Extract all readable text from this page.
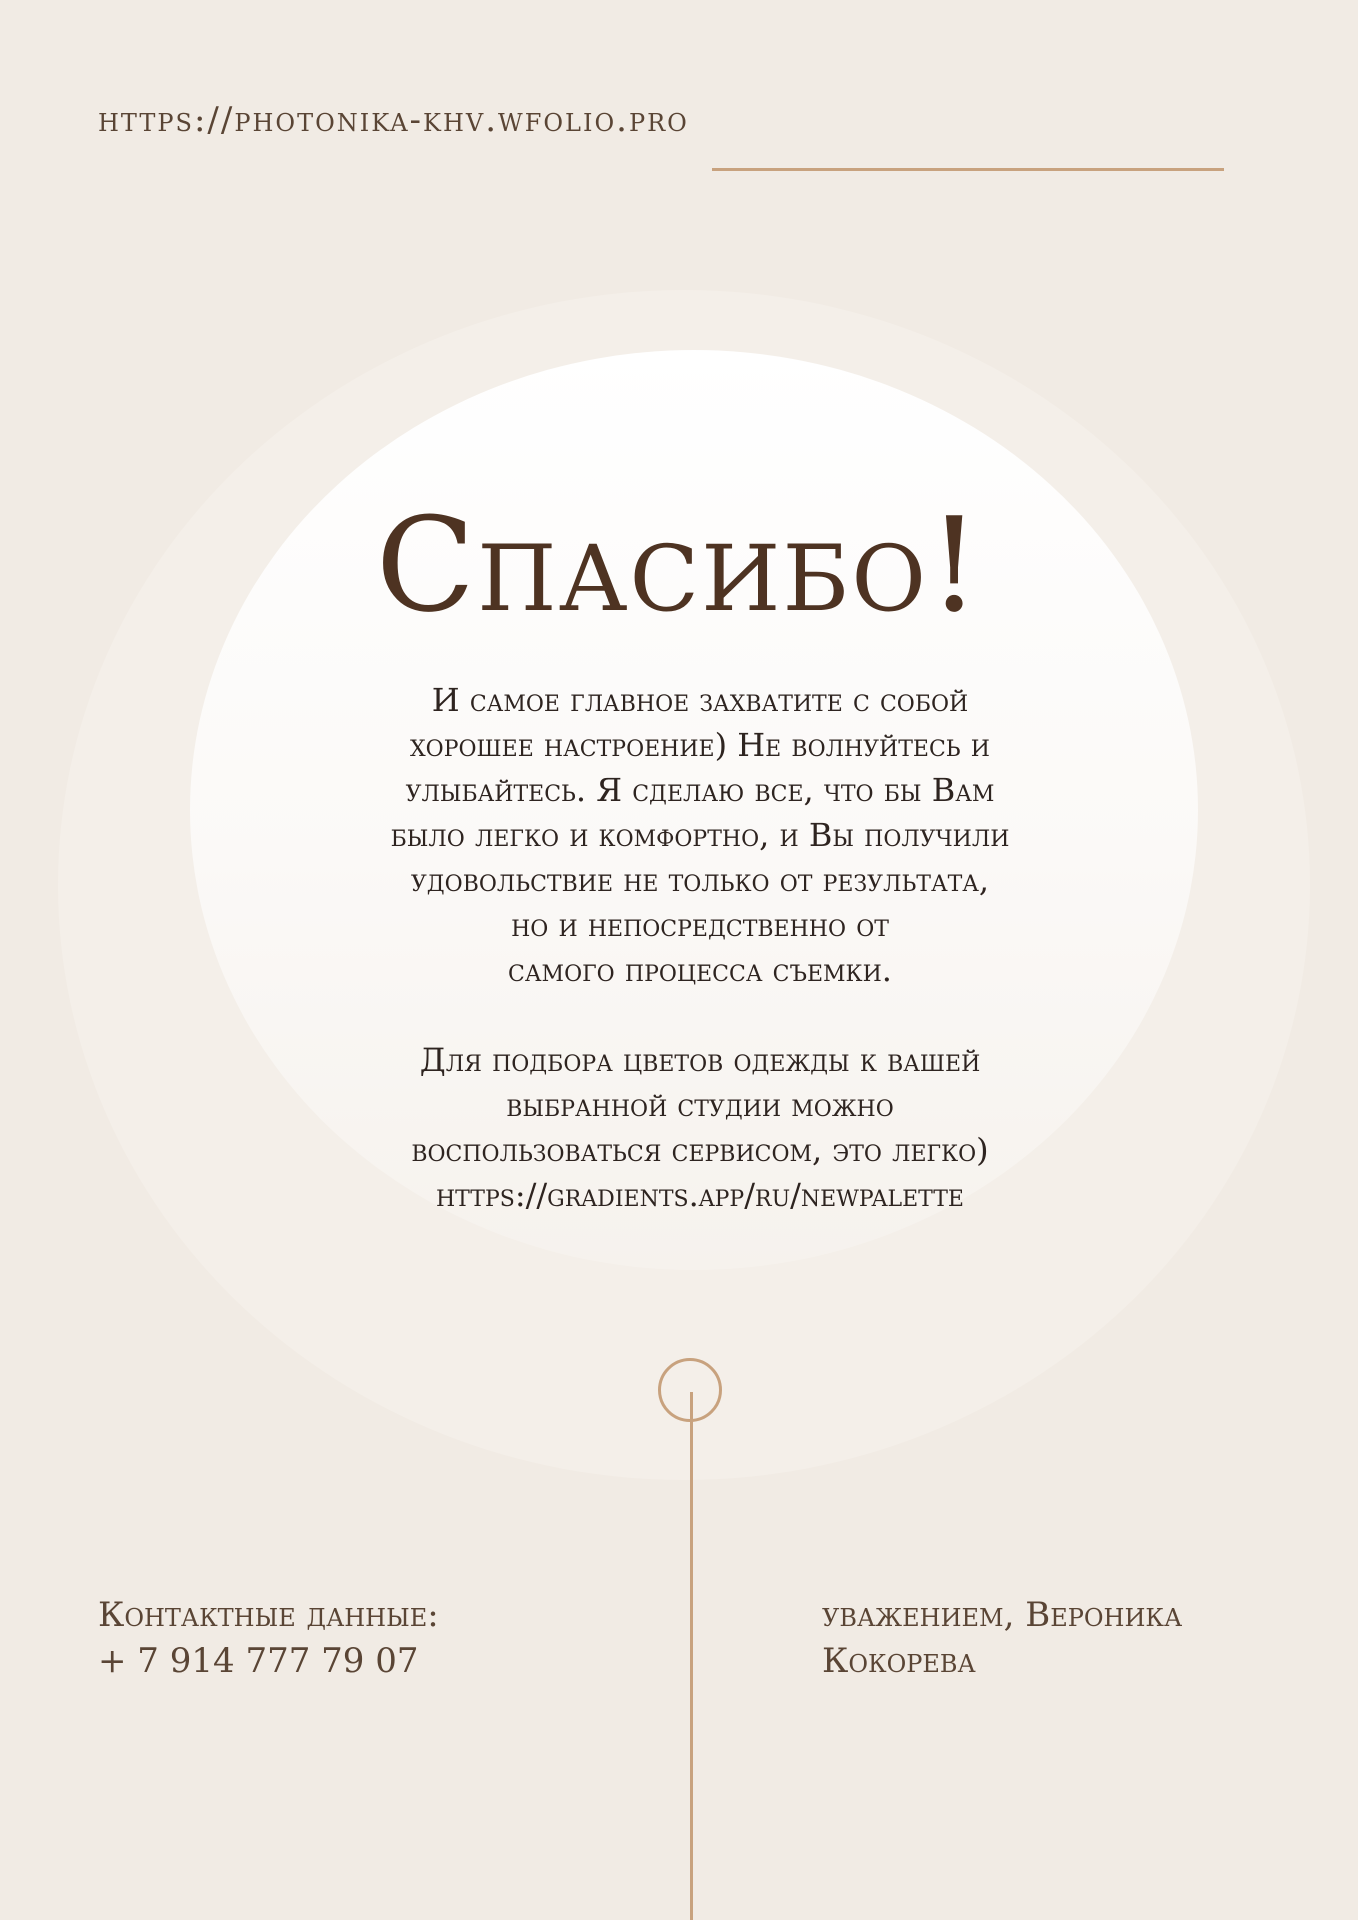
https://photonika-khv.wfolio.pro
Спасибо!
И самое главное захватите с собой
хорошее настроение) Не волнуйтесь и
улыбайтесь. Я сделаю все, что бы Вам
было легко и комфортно, и Вы получили
удовольствие не только от результата,
но и непосредственно от
самого процесса съемки.
Для подбора цветов одежды к вашей
выбранной студии можно
воспользоваться сервисом, это легко)
https://gradients.app/ru/newpalette
Контактные данные:
+ 7 914 777 79 07
уважением, Вероника
Кокорева
